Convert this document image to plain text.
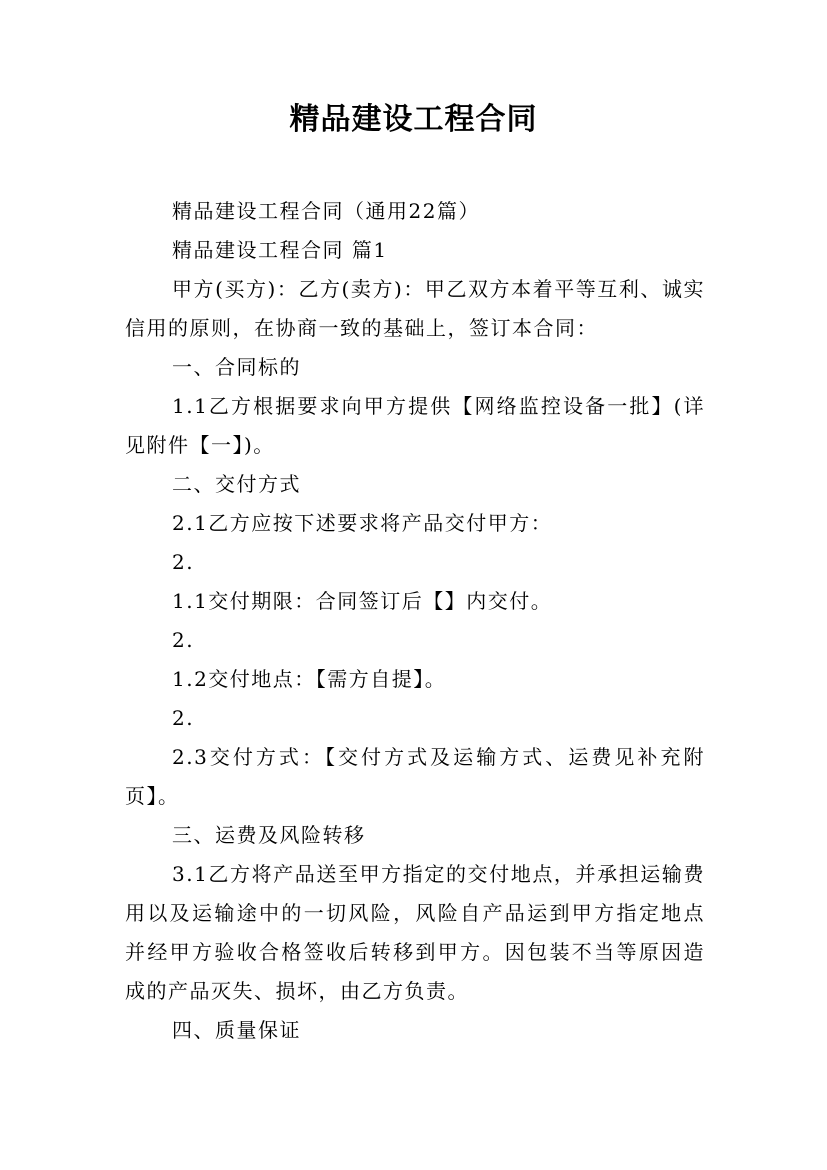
精品建设工程合同

精品建设工程合同（通用22篇）

精品建设工程合同 篇1

甲方(买方)：乙方(卖方)：甲乙双方本着平等互利、诚实信用的原则，在协商一致的基础上，签订本合同：

一、合同标的

1.1乙方根据要求向甲方提供【网络监控设备一批】(详见附件【一】)。

二、交付方式

2.1乙方应按下述要求将产品交付甲方：

2.

1.1交付期限：合同签订后【】内交付。

2.

1.2交付地点：【需方自提】。

2.

2.3交付方式：【交付方式及运输方式、运费见补充附页】。

三、运费及风险转移

3.1乙方将产品送至甲方指定的交付地点，并承担运输费用以及运输途中的一切风险，风险自产品运到甲方指定地点并经甲方验收合格签收后转移到甲方。因包装不当等原因造成的产品灭失、损坏，由乙方负责。

四、质量保证
